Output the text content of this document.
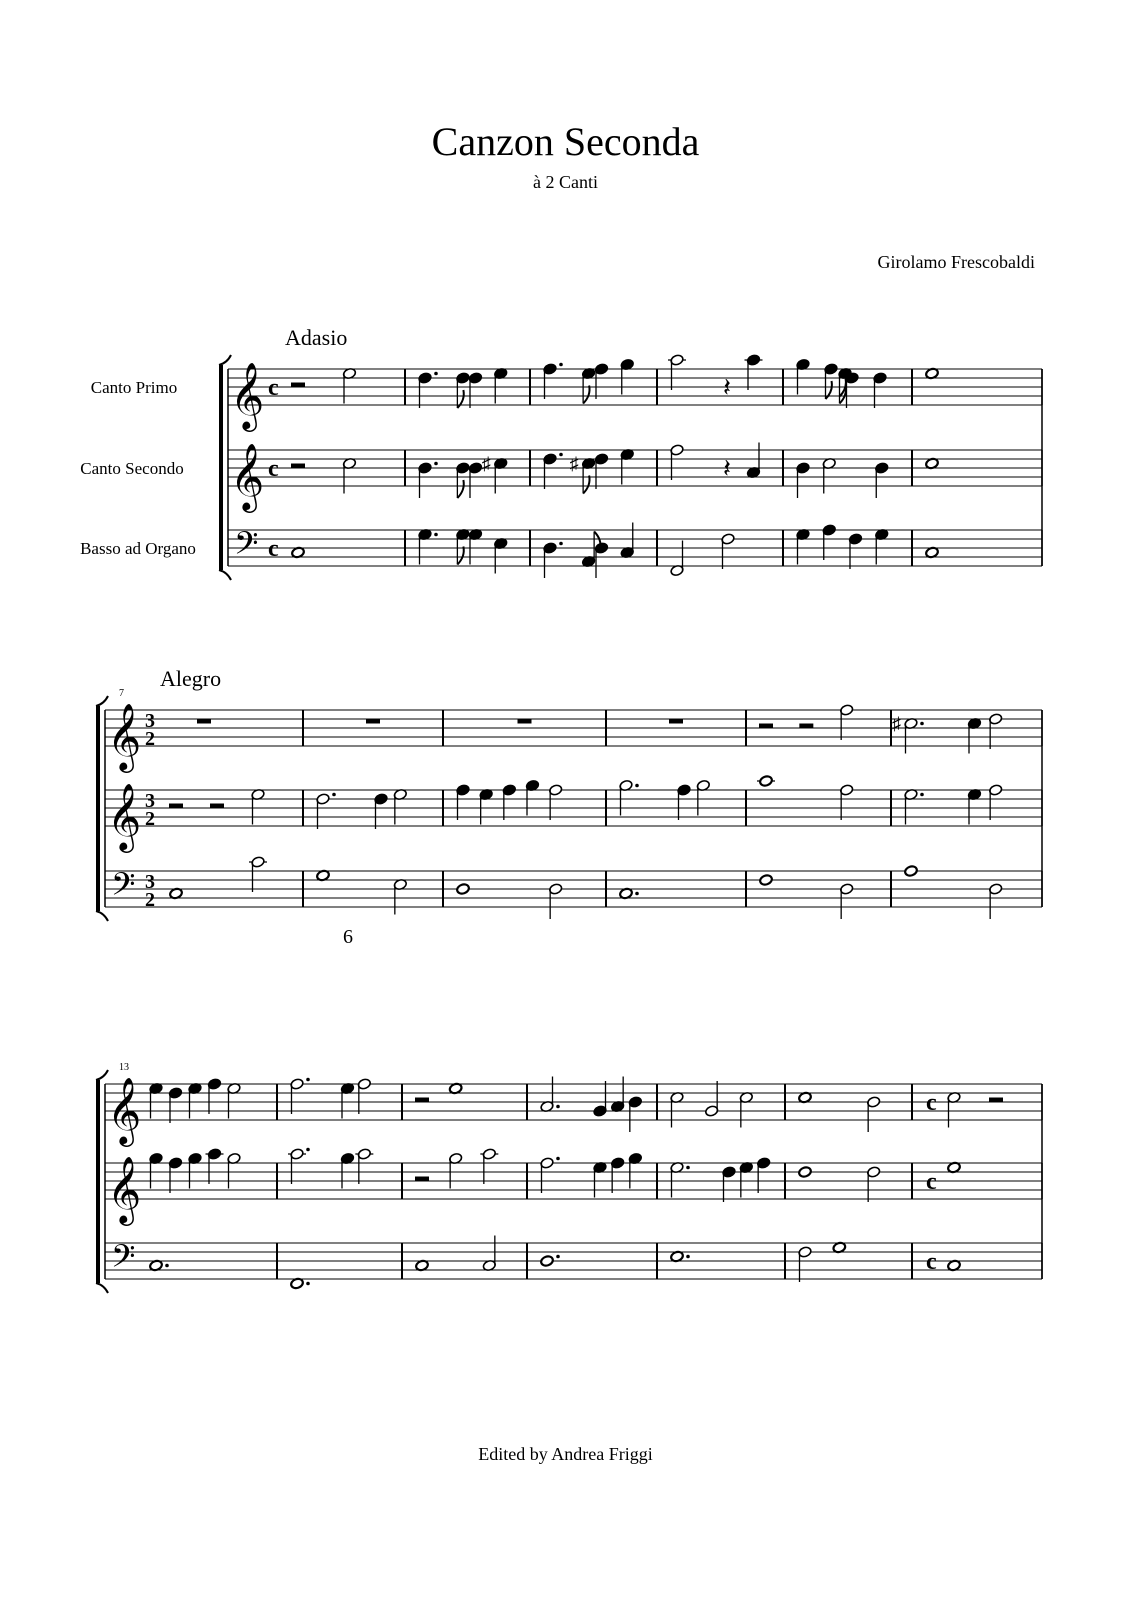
Canzon Seconda
à 2 Canti
Girolamo Frescobaldi
Adasio
Canto Primo 𝄞 c	𝄽
Canto Secondo 𝄞 c	♯	♯	𝄽
Basso ad Organo 𝄢 c
Alegro
7
𝄞 3
2
♯
𝄞 3
2
𝄢 3
2
6
13
𝄞	c
𝄞	c
𝄢	c
Edited by Andrea Friggi
